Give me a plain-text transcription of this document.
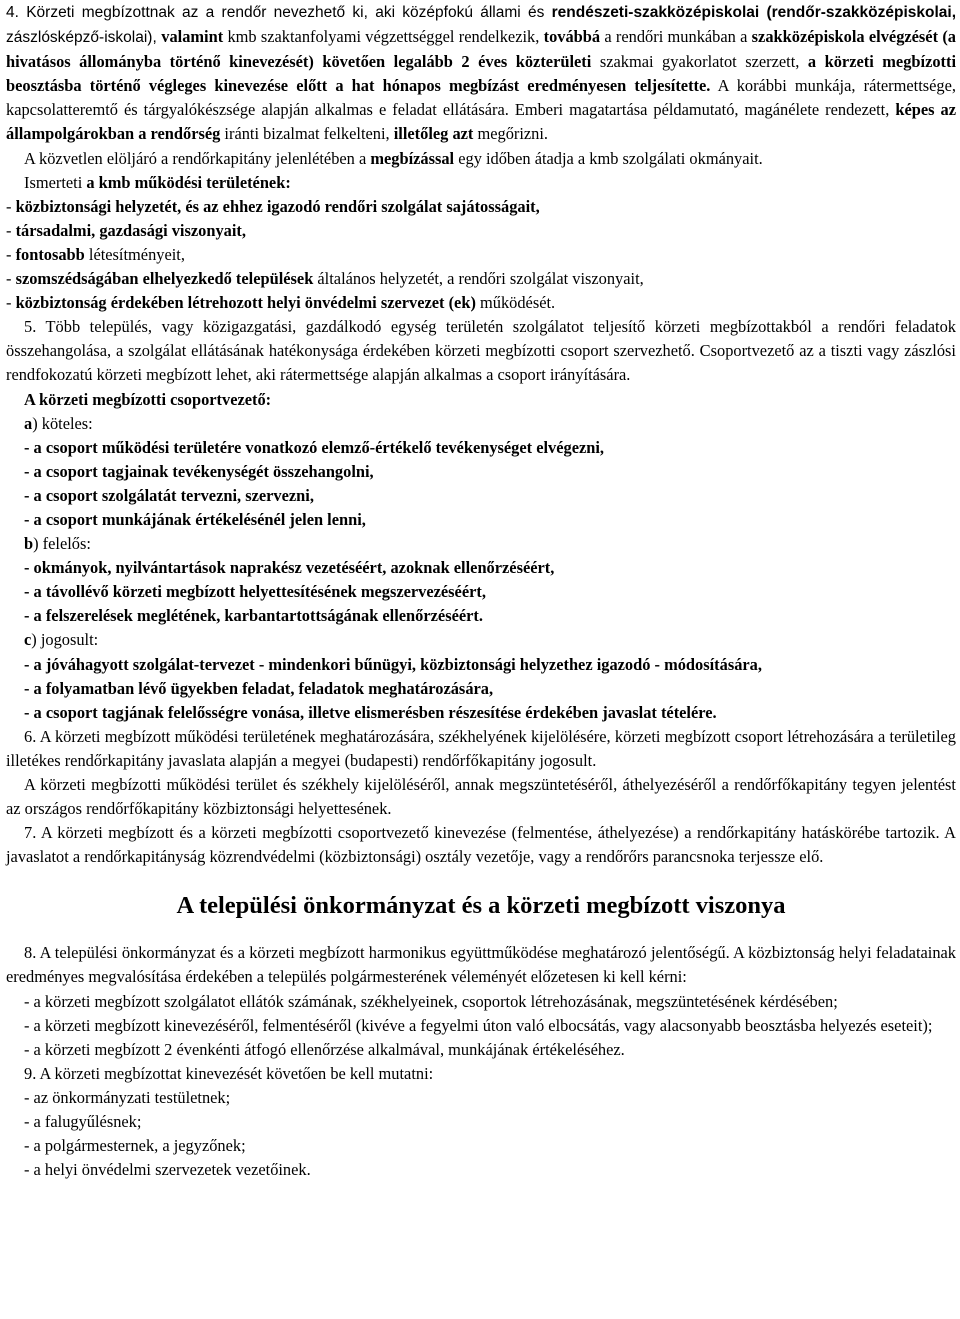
4. Körzeti megbízottnak az a rendőr nevezhető ki, aki középfokú állami és rendészeti-szakközépiskolai (rendőr-szakközépiskolai, zászlósképző-iskolai), valamint kmb szaktanfolyami végzettséggel rendelkezik, továbbá a rendőri munkában a szakközépiskola elvégzését (a hivatásos állományba történő kinevezését) követően legalább 2 éves közterületi szakmai gyakorlatot szerzett, a körzeti megbízotti beosztásba történő végleges kinevezése előtt a hat hónapos megbízást eredményesen teljesítette. A korábbi munkája, rátermettsége, kapcsolatteremtő és tárgyalókészsége alapján alkalmas e feladat ellátására. Emberi magatartása példamutató, magánélete rendezett, képes az állampolgárokban a rendőrség iránti bizalmat felkelteni, illetőleg azt megőrizni.

A közvetlen elöljáró a rendőrkapitány jelenlétében a megbízással egy időben átadja a kmb szolgálati okmányait.

Ismerteti a kmb működési területének:

- közbiztonsági helyzetét, és az ehhez igazodó rendőri szolgálat sajátosságait,

- társadalmi, gazdasági viszonyait,

- fontosabb létesítményeit,

- szomszédságában elhelyezkedő települések általános helyzetét, a rendőri szolgálat viszonyait,

- közbiztonság érdekében létrehozott helyi önvédelmi szervezet (ek) működését.

5. Több település, vagy közigazgatási, gazdálkodó egység területén szolgálatot teljesítő körzeti megbízottakból a rendőri feladatok összehangolása, a szolgálat ellátásának hatékonysága érdekében körzeti megbízotti csoport szervezhető. Csoportvezető az a tiszti vagy zászlósi rendfokozatú körzeti megbízott lehet, aki rátermettsége alapján alkalmas a csoport irányítására.

A körzeti megbízotti csoportvezető:

a) köteles:

- a csoport működési területére vonatkozó elemző-értékelő tevékenységet elvégezni,

- a csoport tagjainak tevékenységét összehangolni,

- a csoport szolgálatát tervezni, szervezni,

- a csoport munkájának értékelésénél jelen lenni,

b) felelős:

- okmányok, nyilvántartások naprakész vezetéséért, azoknak ellenőrzéséért,

- a távollévő körzeti megbízott helyettesítésének megszervezéséért,

- a felszerelések meglétének, karbantartottságának ellenőrzéséért.

c) jogosult:

- a jóváhagyott szolgálat-tervezet - mindenkori bűnügyi, közbiztonsági helyzethez igazodó - módosítására,

- a folyamatban lévő ügyekben feladat, feladatok meghatározására,

- a csoport tagjának felelősségre vonása, illetve elismerésben részesítése érdekében javaslat tételére.

6. A körzeti megbízott működési területének meghatározására, székhelyének kijelölésére, körzeti megbízott csoport létrehozására a területileg illetékes rendőrkapitány javaslata alapján a megyei (budapesti) rendőrfőkapitány jogosult.

A körzeti megbízotti működési terület és székhely kijelöléséről, annak megszüntetéséről, áthelyezéséről a rendőrfőkapitány tegyen jelentést az országos rendőrfőkapitány közbiztonsági helyettesének.

7. A körzeti megbízott és a körzeti megbízotti csoportvezető kinevezése (felmentése, áthelyezése) a rendőrkapitány hatáskörébe tartozik. A javaslatot a rendőrkapitányság közrendvédelmi (közbiztonsági) osztály vezetője, vagy a rendőrőrs parancsnoka terjessze elő.

A települési önkormányzat és a körzeti megbízott viszonya

8. A települési önkormányzat és a körzeti megbízott harmonikus együttműködése meghatározó jelentőségű. A közbiztonság helyi feladatainak eredményes megvalósítása érdekében a település polgármesterének véleményét előzetesen ki kell kérni:

- a körzeti megbízott szolgálatot ellátók számának, székhelyeinek, csoportok létrehozásának, megszüntetésének kérdésében;

- a körzeti megbízott kinevezéséről, felmentéséről (kivéve a fegyelmi úton való elbocsátás, vagy alacsonyabb beosztásba helyezés eseteit);

- a körzeti megbízott 2 évenkénti átfogó ellenőrzése alkalmával, munkájának értékeléséhez.

9. A körzeti megbízottat kinevezését követően be kell mutatni:

- az önkormányzati testületnek;

- a falugyűlésnek;

- a polgármesternek, a jegyzőnek;

- a helyi önvédelmi szervezetek vezetőinek.
